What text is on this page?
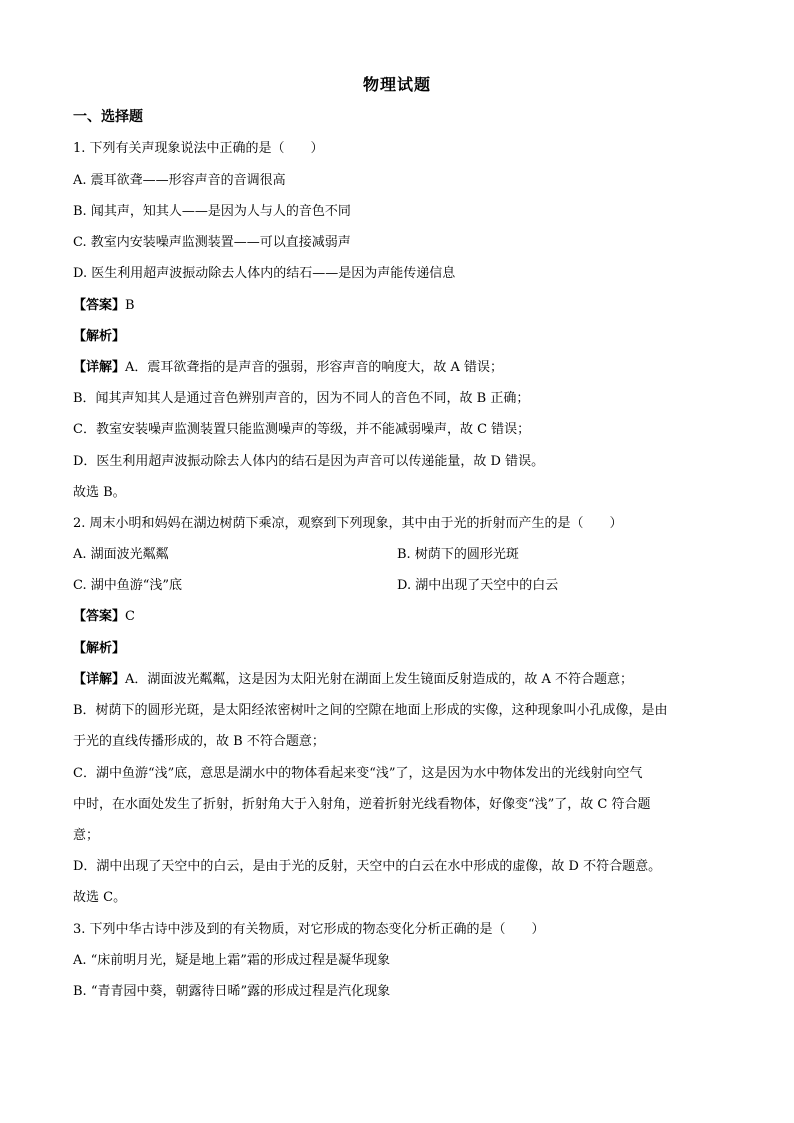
物理试题
一、选择题
1. 下列有关声现象说法中正确的是（　　）
A. 震耳欲聋——形容声音的音调很高
B. 闻其声，知其人——是因为人与人的音色不同
C. 教室内安装噪声监测装置——可以直接减弱声
D. 医生利用超声波振动除去人体内的结石——是因为声能传递信息
【答案】B
【解析】
【详解】A．震耳欲聋指的是声音的强弱，形容声音的响度大，故 A 错误；
B．闻其声知其人是通过音色辨别声音的，因为不同人的音色不同，故 B 正确；
C．教室安装噪声监测装置只能监测噪声的等级，并不能减弱噪声，故 C 错误；
D．医生利用超声波振动除去人体内的结石是因为声音可以传递能量，故 D 错误。
故选 B。
2. 周末小明和妈妈在湖边树荫下乘凉，观察到下列现象，其中由于光的折射而产生的是（　　）
A. 湖面波光粼粼	B. 树荫下的圆形光斑
C. 湖中鱼游“浅”底	D. 湖中出现了天空中的白云
【答案】C
【解析】
【详解】A．湖面波光粼粼，这是因为太阳光射在湖面上发生镜面反射造成的，故 A 不符合题意；
B．树荫下的圆形光斑，是太阳经浓密树叶之间的空隙在地面上形成的实像，这种现象叫小孔成像，是由
于光的直线传播形成的，故 B 不符合题意；
C．湖中鱼游“浅”底，意思是湖水中的物体看起来变“浅”了，这是因为水中物体发出的光线射向空气
中时，在水面处发生了折射，折射角大于入射角，逆着折射光线看物体，好像变“浅”了，故 C 符合题
意；
D．湖中出现了天空中的白云，是由于光的反射，天空中的白云在水中形成的虚像，故 D 不符合题意。
故选 C。
3. 下列中华古诗中涉及到的有关物质，对它形成的物态变化分析正确的是（　　）
A. “床前明月光，疑是地上霜”霜的形成过程是凝华现象
B. “青青园中葵，朝露待日晞”露的形成过程是汽化现象
